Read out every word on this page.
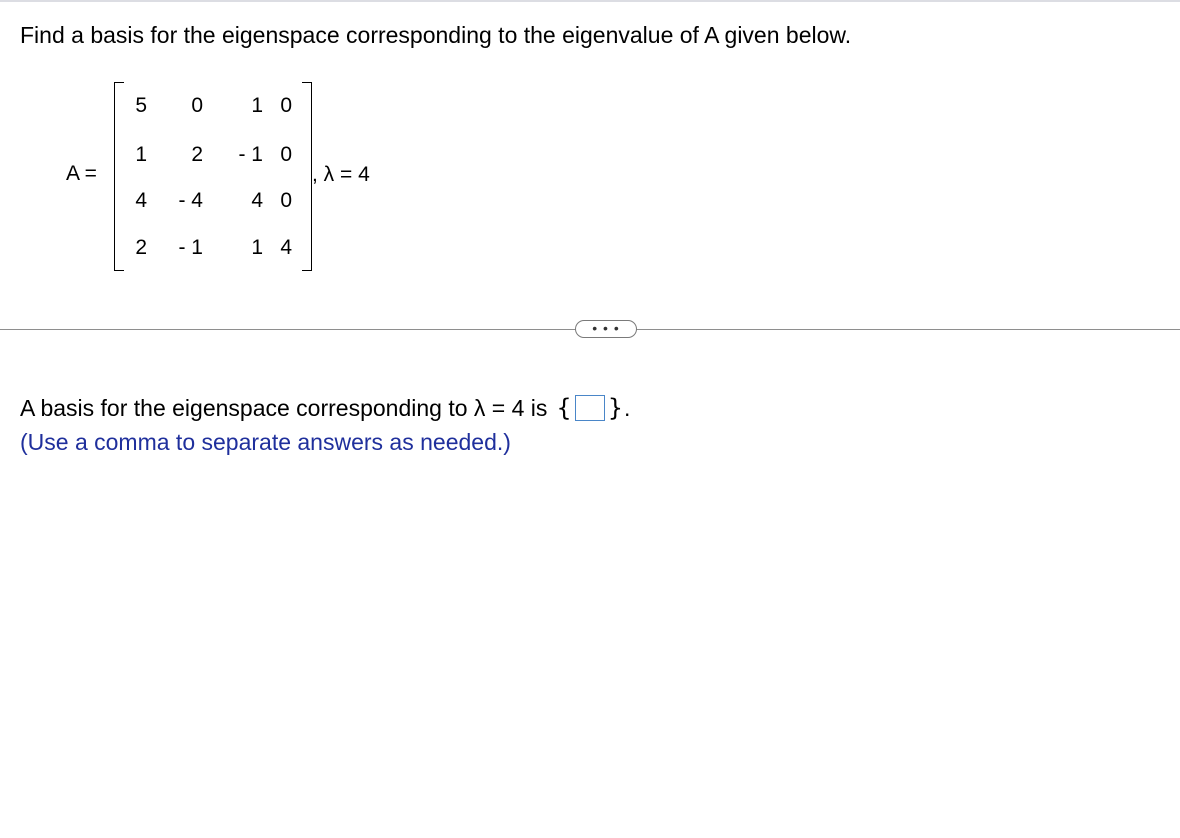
Find a basis for the eigenspace corresponding to the eigenvalue of A given below.
A =
5	0	1 0
1	2	- 1 0
4	- 4	4 0
2	- 1	1 4
, λ = 4
• • •
A basis for the eigenspace corresponding to λ = 4 is { } .
(Use a comma to separate answers as needed.)
